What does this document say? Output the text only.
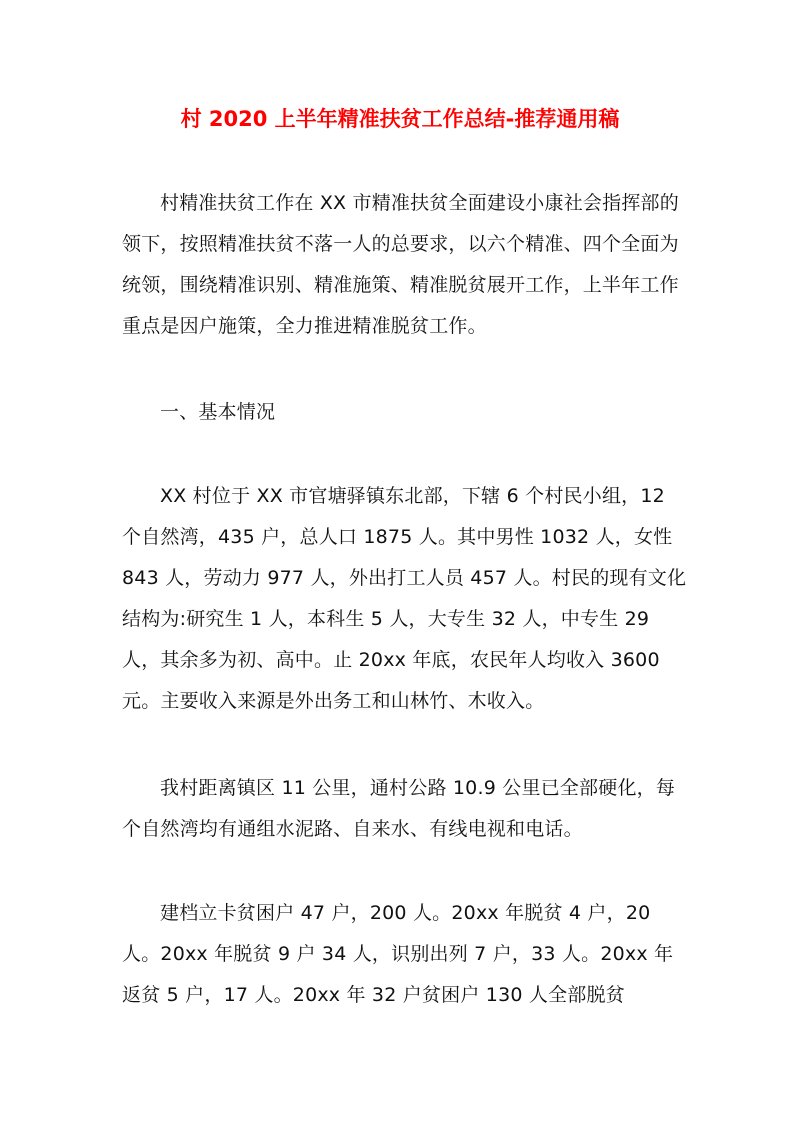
村 2020 上半年精准扶贫工作总结-推荐通用稿

村精准扶贫工作在 XX 市精准扶贫全面建设小康社会指挥部的领下，按照精准扶贫不落一人的总要求，以六个精准、四个全面为统领，围绕精准识别、精准施策、精准脱贫展开工作，上半年工作重点是因户施策，全力推进精准脱贫工作。

一、基本情况

XX 村位于 XX 市官塘驿镇东北部，下辖 6 个村民小组，12 个自然湾，435 户，总人口 1875 人。其中男性 1032 人，女性 843 人，劳动力 977 人，外出打工人员 457 人。村民的现有文化结构为:研究生 1 人，本科生 5 人，大专生 32 人，中专生 29 人，其余多为初、高中。止 20xx 年底，农民年人均收入 3600 元。主要收入来源是外出务工和山林竹、木收入。

我村距离镇区 11 公里，通村公路 10.9 公里已全部硬化，每个自然湾均有通组水泥路、自来水、有线电视和电话。

建档立卡贫困户 47 户，200 人。20xx 年脱贫 4 户，20 人。20xx 年脱贫 9 户 34 人，识别出列 7 户，33 人。20xx 年返贫 5 户，17 人。20xx 年 32 户贫困户 130 人全部脱贫
